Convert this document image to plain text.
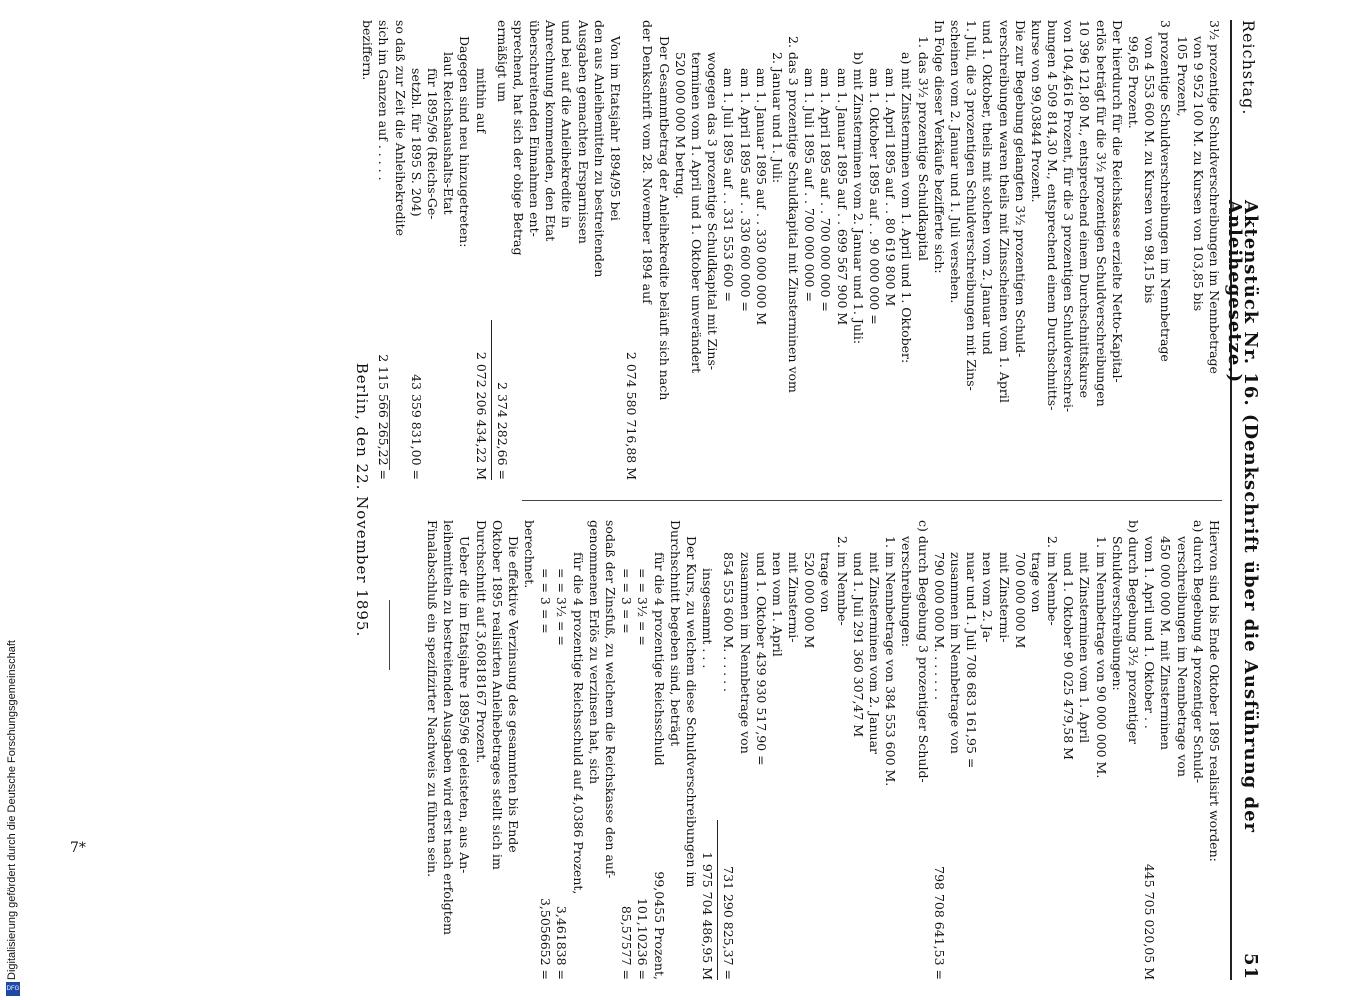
Reichstag.
Aktenstück Nr. 16. (Denkschrift über die Ausführung der Anleihegesetze.)
51
3½ prozentige Schuldverschreibungen im Nennbetrage
von 9 952 100 M. zu Kursen von 103,85 bis
105 Prozent,
3 prozentige Schuldverschreibungen im Nennbetrage
von 4 553 600 M. zu Kursen von 98,15 bis
99,65 Prozent.
Der hierdurch für die Reichskasse erzielte Netto-Kapital-
erlös beträgt für die 3½ prozentigen Schuldverschreibungen
10 396 121,80 M., entsprechend einem Durchschnittskurse
von 104,4616 Prozent, für die 3 prozentigen Schuldverschrei-
bungen 4 509 814,30 M., entsprechend einem Durchschnitts-
kurse von 99,03844 Prozent.
Die zur Begebung gelangten 3½ prozentigen Schuld-
verschreibungen waren theils mit Zinsscheinen vom 1. April
und 1. Oktober, theils mit solchen vom 2. Januar und
1. Juli, die 3 prozentigen Schuldverschreibungen mit Zins-
scheinen vom 2. Januar und 1. Juli versehen.
In Folge dieser Verkäufe bezifferte sich:
1. das 3½ prozentige Schuldkapital
a) mit Zinsterminen vom 1. April und 1. Oktober:
am 1. April 1895 auf . . 80 619 800 M
am 1. Oktober 1895 auf . . 90 000 000 =
b) mit Zinsterminen vom 2. Januar und 1. Juli:
am 1. Januar 1895 auf . . 699 567 900 M
am 1. April 1895 auf . . 700 000 000 =
am 1. Juli 1895 auf . . 700 000 000 =
2. das 3 prozentige Schuldkapital mit Zinsterminen vom
2. Januar und 1. Juli:
am 1. Januar 1895 auf . . 330 000 000 M
am 1. April 1895 auf . . 330 600 000 =
am 1. Juli 1895 auf . . 331 553 600 =
wogegen das 3 prozentige Schuldkapital mit Zins-
terminen vom 1. April und 1. Oktober unverändert
520 000 000 M betrug.
Der Gesammtbetrag der Anleihekredite beläuft sich nach
der Denkschrift vom 28. November 1894 auf
2 074 580 716,88 M
Von im Etatsjahr 1894/95 bei
den aus Anleihemitteln zu bestreitenden
Ausgaben gemachten Ersparnissen
und bei auf die Anleihekredite in
Anrechnung kommenden, den Etat
überschreitenden Einnahmen ent-
sprechend, hat sich der obige Betrag
ermäßigt um
2 374 282,66 =
mithin auf
2 072 206 434,22 M
Dagegen sind neu hinzugetreten:
laut Reichshaushalts-Etat
für 1895/96 (Reichs-Ge-
setzbl. für 1895 S. 204)
43 359 831,00 =
so daß zur Zeit die Anleihekredite
sich im Ganzen auf . . . . .
2 115 566 265,22 =
beziffern.
Hiervon sind bis Ende Oktober 1895 realisirt worden:
a) durch Begebung 4 prozentiger Schuld-
verschreibungen im Nennbetrage von
450 000 000 M. mit Zinsterminen
vom 1. April und 1. Oktober . .
445 705 020,05 M
b) durch Begebung 3½ prozentiger
Schuldverschreibungen:
1. im Nennbetrage von 90 000 000 M.
mit Zinsterminen vom 1. April
und 1. Oktober 90 025 479,58 M
2. im Nennbe-
trage von
700 000 000 M
mit Zinstermi-
nen vom 2. Ja-
nuar und 1. Juli 708 683 161,95 =
zusammen im Nennbetrage von
790 000 000 M. . . . . . .
798 708 641,53 =
c) durch Begebung 3 prozentiger Schuld-
verschreibungen:
1. im Nennbetrage von 384 553 600 M.
mit Zinsterminen vom 2. Januar
und 1. Juli 291 360 307,47 M
2. im Nennbe-
trage von
520 000 000 M
mit Zinstermi-
nen vom 1. April
und 1. Oktober 439 930 517,90 =
zusammen im Nennbetrage von
854 553 600 M. . . . . .
731 290 825,37 =
insgesammt . . .
1 975 704 486,95 M
Der Kurs, zu welchem diese Schuldverschreibungen im
Durchschnitt begeben sind, beträgt
für die 4 prozentige Reichsschuld
99,0455 Prozent,
= = 3½ = =
101,10236 =
= = 3 = =
85,57577 =
sodaß der Zinsfuß, zu welchem die Reichskasse den auf-
genommenen Erlös zu verzinsen hat, sich
für die 4 prozentige Reichsschuld auf 4,0386 Prozent,
= = 3½ = =
3,461838 =
= = 3 = =
3,5056652 =
berechnet.
Die effektive Verzinsung des gesammten bis Ende
Oktober 1895 realisirten Anleihebetrages stellt sich im
Durchschnitt auf 3,60818167 Prozent.
Ueber die im Etatsjahre 1895/96 geleisteten, aus An-
leihemitteln zu bestreitenden Ausgaben wird erst nach erfolgtem
Finalabschluß ein spezifizirter Nachweis zu führen sein.
Berlin, den 22. November 1895.
7*
Digitalisierung gefördert durch die Deutsche Forschungsgemeinschaft
DFG
